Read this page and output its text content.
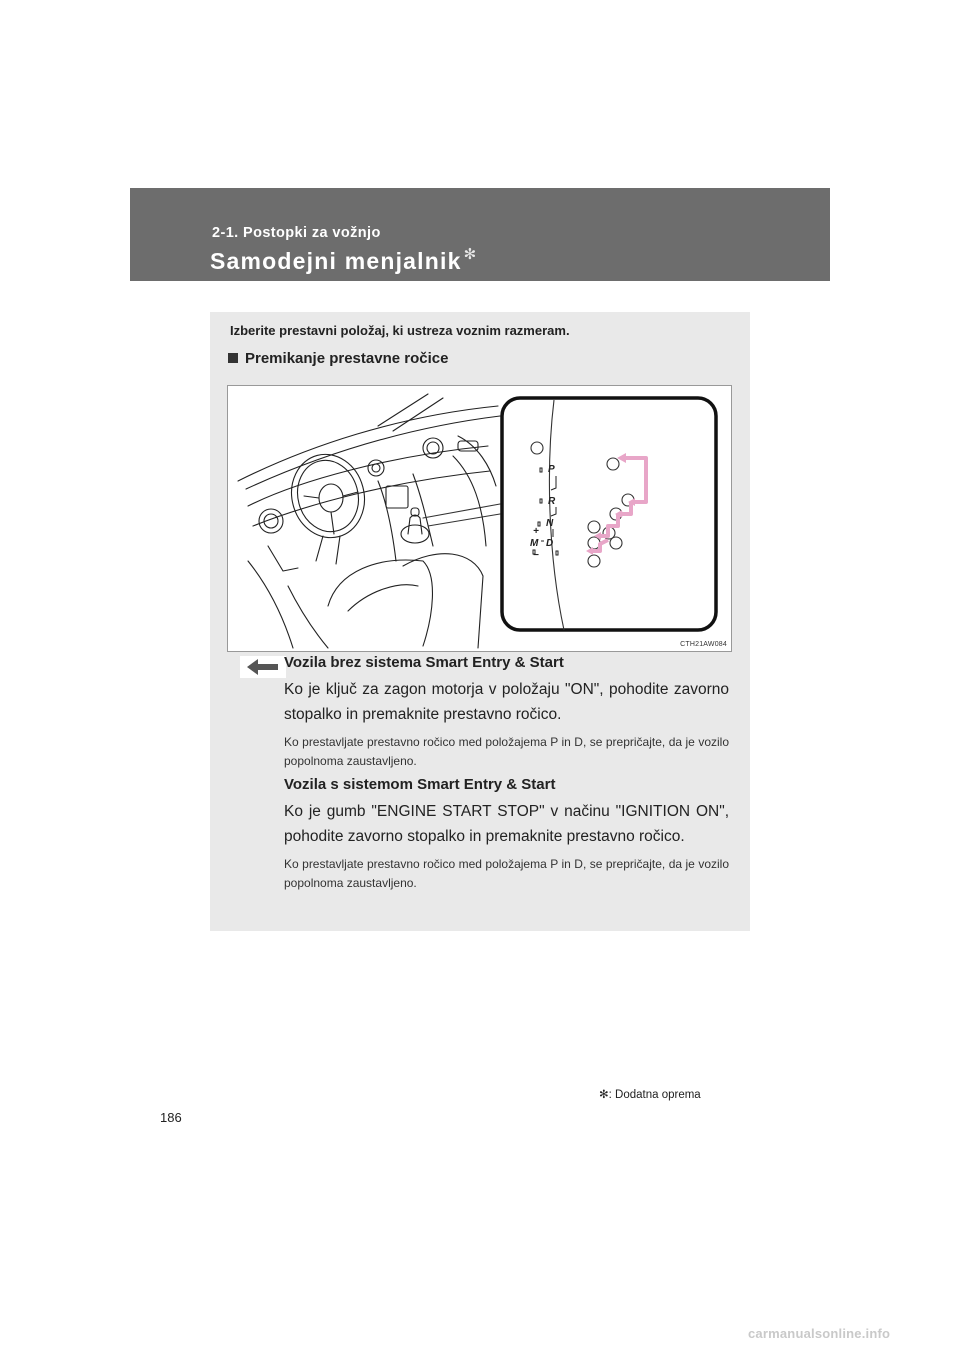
2-1. Postopki za vožnjo
Samodejni menjalnik ✻
Izberite prestavni položaj, ki ustreza voznim razmeram.
Premikanje prestavne ročice
P
R
N
D
M
+
−
CTH21AW084
Vozila brez sistema Smart Entry & Start
Ko je ključ za zagon motorja v položaju "ON", pohodite zavorno stopalko in premaknite prestavno ročico.
Ko prestavljate prestavno ročico med položajema P in D, se prepričajte, da je vozilo popolnoma zaustavljeno.
Vozila s sistemom Smart Entry & Start
Ko je gumb "ENGINE START STOP" v načinu "IGNITION ON", pohodite zavorno stopalko in premaknite prestavno ročico.
Ko prestavljate prestavno ročico med položajema P in D, se prepričajte, da je vozilo popolnoma zaustavljeno.
✻: Dodatna oprema
186
carmanualsonline.info
